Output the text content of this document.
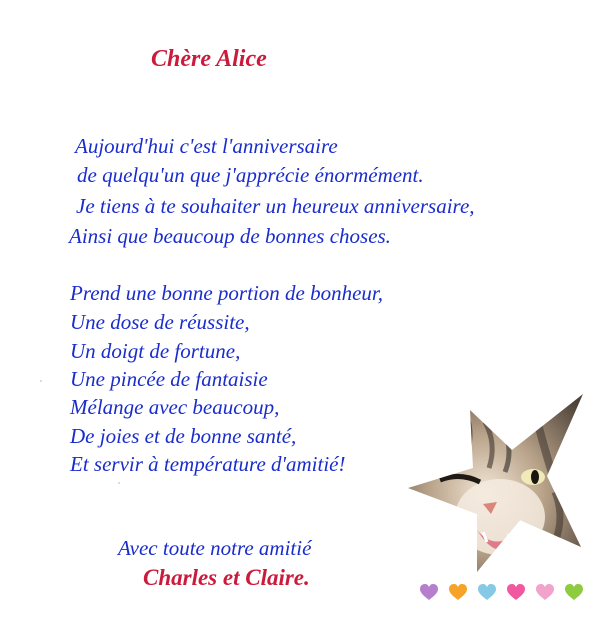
Chère Alice
Aujourd'hui c'est l'anniversaire
de quelqu'un que j'apprécie énormément.
Je tiens à te souhaiter un heureux anniversaire,
Ainsi que beaucoup de bonnes choses.
Prend une bonne portion de bonheur,
Une dose de réussite,
Un doigt de fortune,
Une pincée de fantaisie
Mélange avec beaucoup,
De joies et de bonne santé,
Et servir à température d'amitié!
Avec toute notre amitié
Charles et Claire.
